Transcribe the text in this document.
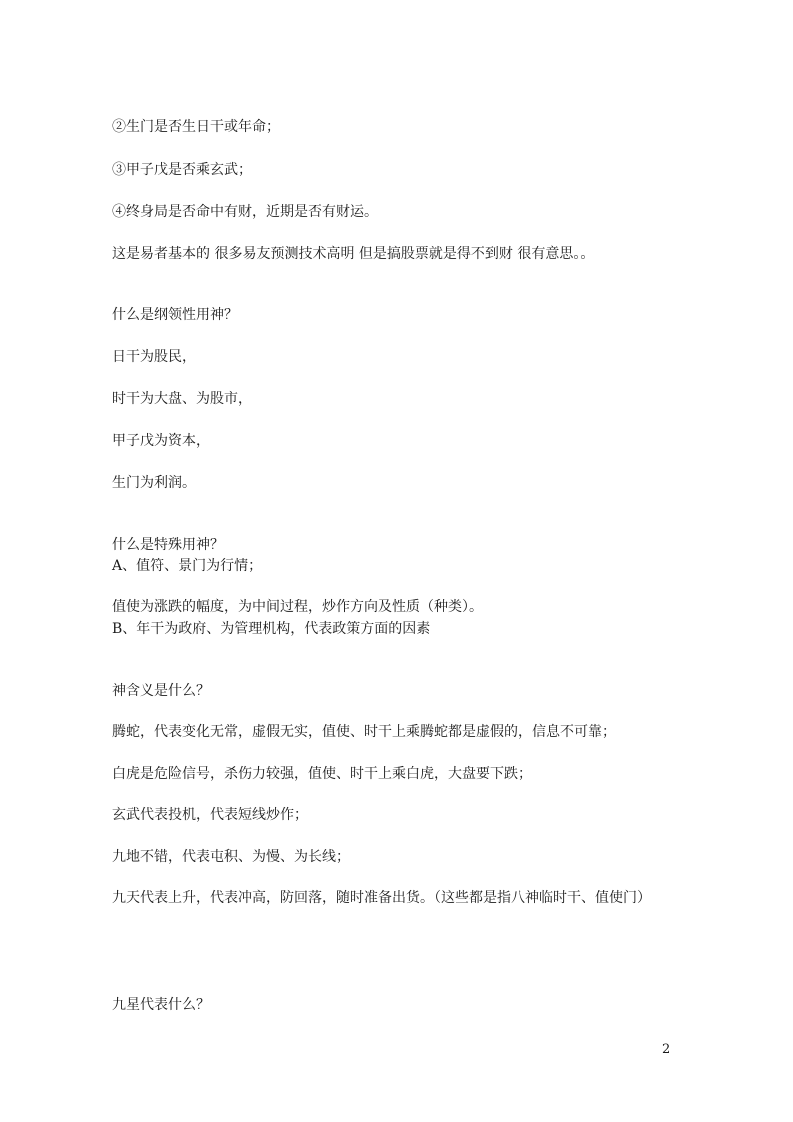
②生门是否生日干或年命；
③甲子戊是否乘玄武；
④终身局是否命中有财，近期是否有财运。
这是易者基本的 很多易友预测技术高明 但是搞股票就是得不到财 很有意思。。
什么是纲领性用神？
日干为股民，
时干为大盘、为股市，
甲子戊为资本，
生门为利润。
什么是特殊用神？
A、值符、景门为行情；
值使为涨跌的幅度，为中间过程，炒作方向及性质（种类）。
B、年干为政府、为管理机构，代表政策方面的因素
神含义是什么？
腾蛇，代表变化无常，虚假无实，值使、时干上乘腾蛇都是虚假的，信息不可靠；
白虎是危险信号，杀伤力较强，值使、时干上乘白虎，大盘要下跌；
玄武代表投机，代表短线炒作；
九地不错，代表屯积、为慢、为长线；
九天代表上升，代表冲高，防回落，随时准备出货。（这些都是指八神临时干、值使门）
九星代表什么？
2
